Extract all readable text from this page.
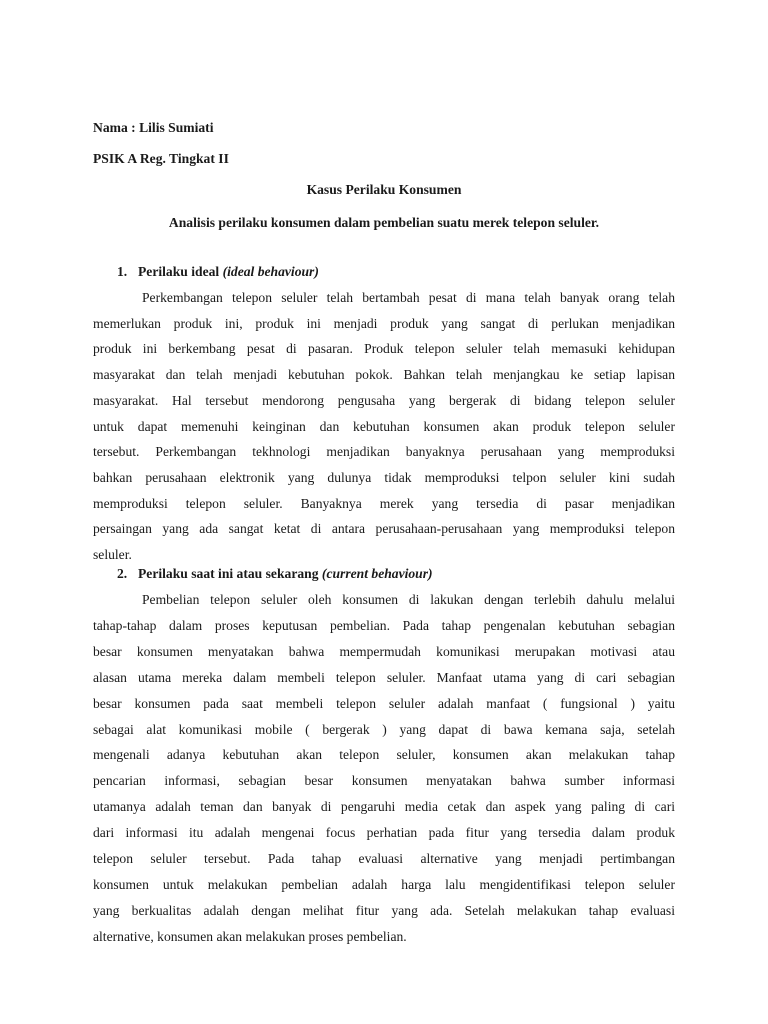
Nama : Lilis Sumiati
PSIK A Reg. Tingkat II
Kasus Perilaku Konsumen
Analisis perilaku konsumen dalam pembelian suatu merek telepon seluler.
1. Perilaku ideal (ideal behaviour)
Perkembangan telepon seluler telah bertambah pesat di mana telah banyak orang telah
memerlukan produk ini, produk ini menjadi produk yang sangat di perlukan menjadikan
produk ini berkembang pesat di pasaran. Produk telepon seluler telah memasuki kehidupan
masyarakat dan telah menjadi kebutuhan pokok. Bahkan telah menjangkau ke setiap lapisan
masyarakat. Hal tersebut mendorong pengusaha yang bergerak di bidang telepon seluler
untuk dapat memenuhi keinginan dan kebutuhan konsumen akan produk telepon seluler
tersebut. Perkembangan tekhnologi menjadikan banyaknya perusahaan yang memproduksi
bahkan perusahaan elektronik yang dulunya tidak memproduksi telpon seluler kini sudah
memproduksi telepon seluler. Banyaknya merek yang tersedia di pasar menjadikan
persaingan yang ada sangat ketat di antara perusahaan-perusahaan yang memproduksi telepon
seluler.
2. Perilaku saat ini atau sekarang (current behaviour)
Pembelian telepon seluler oleh konsumen di lakukan dengan terlebih dahulu melalui
tahap-tahap dalam proses keputusan pembelian. Pada tahap pengenalan kebutuhan sebagian
besar konsumen menyatakan bahwa mempermudah komunikasi merupakan motivasi atau
alasan utama mereka dalam membeli telepon seluler. Manfaat utama yang di cari sebagian
besar konsumen pada saat membeli telepon seluler adalah manfaat ( fungsional ) yaitu
sebagai alat komunikasi mobile ( bergerak ) yang dapat di bawa kemana saja, setelah
mengenali adanya kebutuhan akan telepon seluler, konsumen akan melakukan tahap
pencarian informasi, sebagian besar konsumen menyatakan bahwa sumber informasi
utamanya adalah teman dan banyak di pengaruhi media cetak dan aspek yang paling di cari
dari informasi itu adalah mengenai focus perhatian pada fitur yang tersedia dalam produk
telepon seluler tersebut. Pada tahap evaluasi alternative yang menjadi pertimbangan
konsumen untuk melakukan pembelian adalah harga lalu mengidentifikasi telepon seluler
yang berkualitas adalah dengan melihat fitur yang ada. Setelah melakukan tahap evaluasi
alternative, konsumen akan melakukan proses pembelian.
